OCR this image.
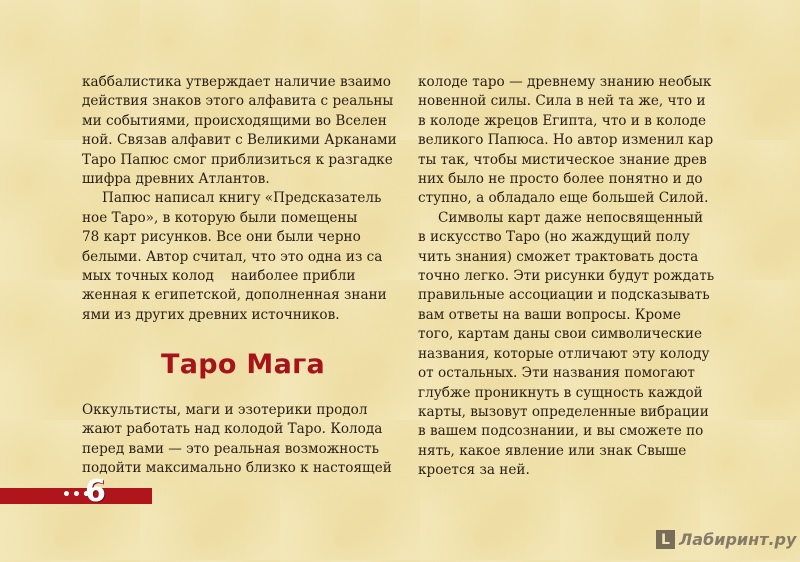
каббалистика утверждает наличие взаимо
действия знаков этого алфавита с реальны
ми событиями, происходящими во Вселен
ной. Связав алфавит с Великими Арканами
Таро Папюс смог приблизиться к разгадке
шифра древних Атлантов.
Папюс написал книгу «Предсказатель
ное Таро», в которую были помещены
78 карт рисунков. Все они были черно
белыми. Автор считал, что это одна из са
мых точных колод    наиболее прибли
женная к египетской, дополненная знани
ями из других древних источников.
Таро Мага
Оккультисты, маги и эзотерики продол
жают работать над колодой Таро. Колода
перед вами — это реальная возможность
подойти максимально близко к настоящей
колоде таро — древнему знанию необык
новенной силы. Сила в ней та же, что и
в колоде жрецов Египта, что и в колоде
великого Папюса. Но автор изменил кар
ты так, чтобы мистическое знание древ
них было не просто более понятно и до
ступно, а обладало еще большей Силой.
Символы карт даже непосвященный
в искусство Таро (но жаждущий полу
чить знания) сможет трактовать доста
точно легко. Эти рисунки будут рождать
правильные ассоциации и подсказывать
вам ответы на ваши вопросы. Кроме
того, картам даны свои символические
названия, которые отличают эту колоду
от остальных. Эти названия помогают
глубже проникнуть в сущность каждой
карты, вызовут определенные вибрации
в вашем подсознании, и вы сможете по
нять, какое явление или знак Свыше
кроется за ней.
•••
6
L Лабиринт.ру
